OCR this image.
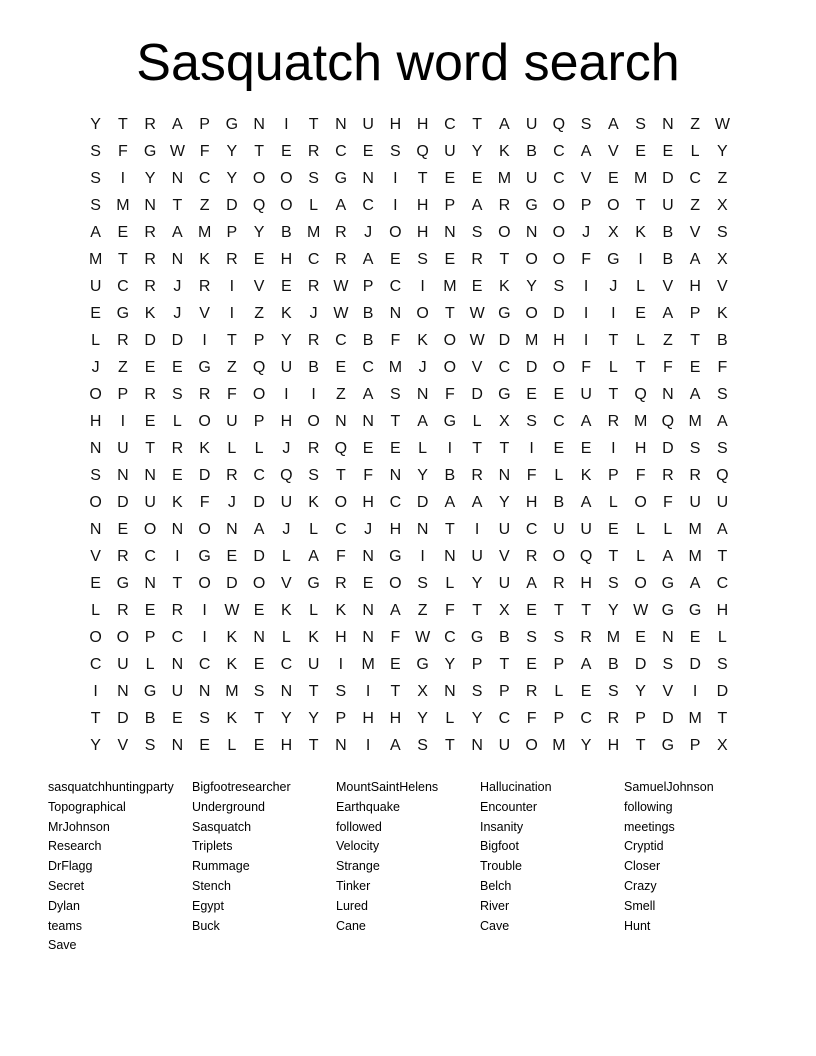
Sasquatch word search
Y	T	R	A	P G N	I	T	N U H H C	T	A	U Q S	A	S	N	Z W
S	F	G W F	Y	T	E	R C	E	S Q U	Y	K	B	C	A	V	E	E	L	Y
S	I	Y	N C	Y O O S G N	I	T	E	E M U C	V	E M D C	Z
S M N	T	Z	D Q O	L	A	C	I	H	P	A	R G O P O	T	U	Z	X
A	E	R	A M P	Y	B M R	J	O H N	S O N O	J	X	K	B	V	S
M T	R N	K	R	E	H C R	A	E	S	E	R	T	O O	F	G	I	B	A	X
U C R	J	R	I	V	E	R W P	C	I	M E	K	Y	S	I	J	L	V	H	V
E G K	J	V	I	Z	K	J W B	N O	T W G O D	I	I	E	A	P	K
L	R D D	I	T	P	Y	R C	B	F	K O W D M H	I	T	L	Z	T	B
J	Z	E	E G	Z	Q U	B	E	C M	J	O V	C D O	F	L	T	F	E	F
O P	R	S	R	F	O	I	I	Z	A	S	N	F	D G E	E	U	T	Q N	A	S
H	I	E	L	O U	P	H O N N	T	A G	L	X	S	C	A	R M Q M A
N U	T	R	K	L	L	J	R Q E	E	L	I	T	T	I	E	E	I	H D	S	S
S	N N	E	D R C Q S	T	F	N	Y	B	R N	F	L	K	P	F	R R Q
O D U	K	F	J	D U	K O H C D	A	A	Y	H	B	A	L	O	F	U U
N	E O N O N	A	J	L	C	J	H N	T	I	U C U U	E	L	L	M A
V	R C	I	G E	D	L	A	F	N G	I	N U	V	R O Q	T	L	A M T
E G N	T	O D O V G R	E O S	L	Y	U	A	R H	S O G A	C
L	R	E	R	I	W E	K	L	K	N	A	Z	F	T	X	E	T	T	Y W G G H
O O P	C	I	K	N	L	K	H N	F W C G B	S	S	R M E	N	E	L
C U	L	N C	K	E	C U	I	M E G Y	P	T	E	P	A	B	D	S	D	S
I	N G U N M S	N	T	S	I	T	X	N	S	P	R	L	E	S	Y	V	I	D
T	D	B	E	S	K	T	Y	Y	P	H H	Y	L	Y	C	F	P	C R	P	D M T
Y	V	S	N	E	L	E	H	T	N	I	A	S	T	N U O M Y	H	T	G P	X
sasquatchhuntingparty
Topographical
MrJohnson
Research
DrFlagg
Secret
Dylan
teams
Save
Bigfootresearcher
Underground
Sasquatch
Triplets
Rummage
Stench
Egypt
Buck
MountSaintHelens
Earthquake
followed
Velocity
Strange
Tinker
Lured
Cane
Hallucination
Encounter
Insanity
Bigfoot
Trouble
Belch
River
Cave
SamuelJohnson
following
meetings
Cryptid
Closer
Crazy
Smell
Hunt
